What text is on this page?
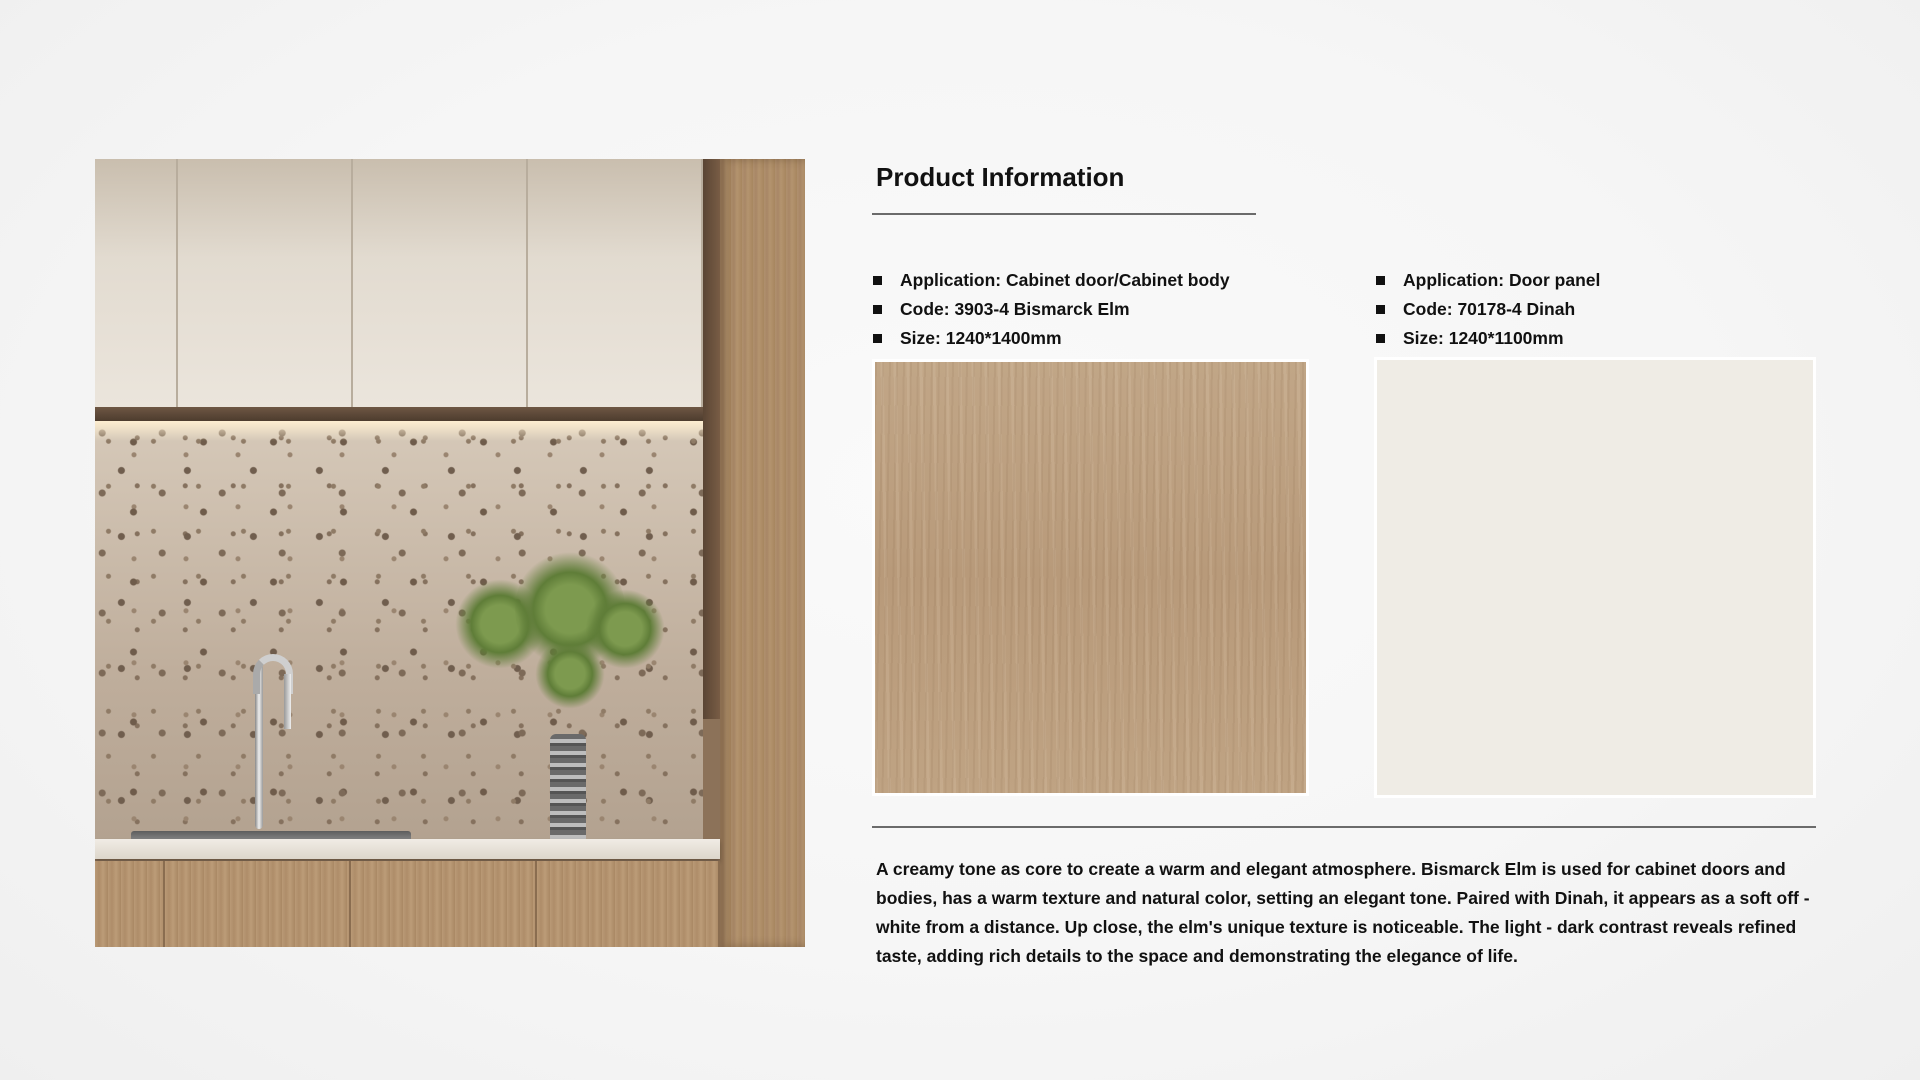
Product Information
Application: Cabinet door/Cabinet body
Code: 3903-4 Bismarck Elm
Size: 1240*1400mm
Application: Door panel
Code: 70178-4 Dinah
Size: 1240*1100mm

A creamy tone as core to create a warm and elegant atmosphere. Bismarck Elm is used for cabinet doors and bodies, has a warm texture and natural color, setting an elegant tone. Paired with Dinah, it appears as a soft off - white from a distance. Up close, the elm's unique texture is noticeable. The light - dark contrast reveals refined taste, adding rich details to the space and demonstrating the elegance of life.
